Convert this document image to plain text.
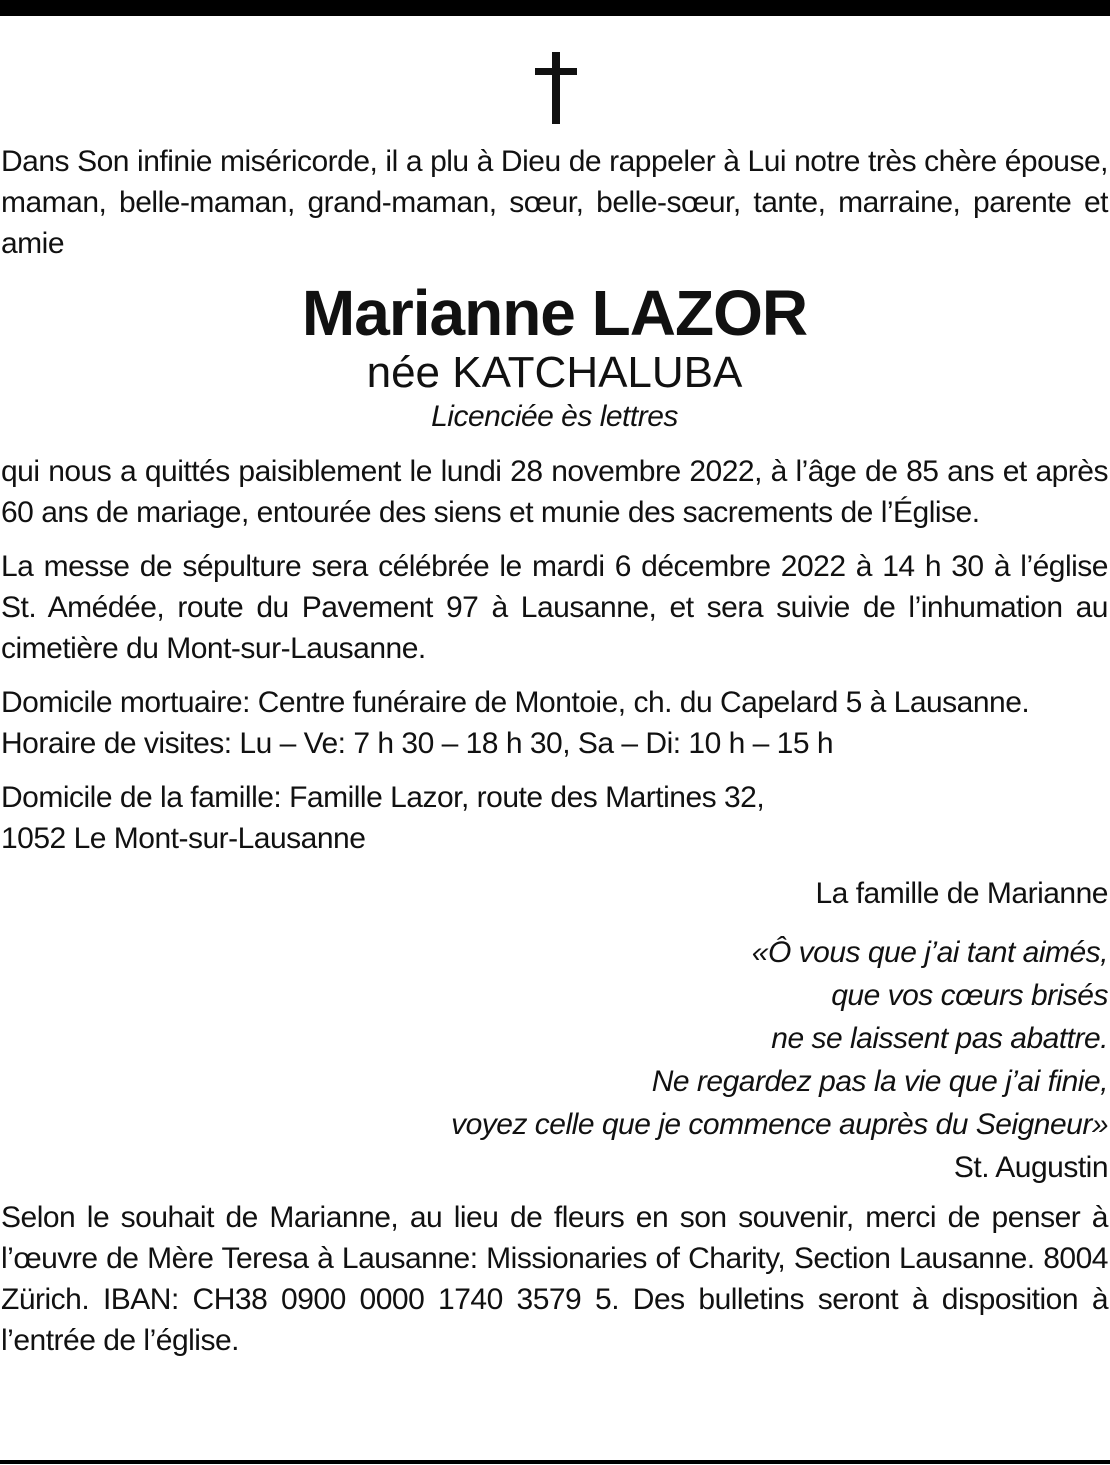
Dans Son infinie miséricorde, il a plu à Dieu de rappeler à Lui notre très chère épouse, maman, belle-maman, grand-maman, sœur, belle-sœur, tante, marraine, parente et amie

Marianne LAZOR
née KATCHALUBA
Licenciée ès lettres

qui nous a quittés paisiblement le lundi 28 novembre 2022, à l’âge de 85 ans et après 60 ans de mariage, entourée des siens et munie des sacrements de l’Église.

La messe de sépulture sera célébrée le mardi 6 décembre 2022 à 14 h 30 à l’église St. Amédée, route du Pavement 97 à Lausanne, et sera suivie de l’inhumation au cimetière du Mont-sur-Lausanne.

Domicile mortuaire: Centre funéraire de Montoie, ch. du Capelard 5 à Lausanne.
Horaire de visites: Lu – Ve: 7 h 30 – 18 h 30, Sa – Di: 10 h – 15 h
Domicile de la famille: Famille Lazor, route des Martines 32,
1052 Le Mont-sur-Lausanne
La famille de Marianne
«Ô vous que j’ai tant aimés,
que vos cœurs brisés
ne se laissent pas abattre.
Ne regardez pas la vie que j’ai finie,
voyez celle que je commence auprès du Seigneur»
St. Augustin

Selon le souhait de Marianne, au lieu de fleurs en son souvenir, merci de penser à l’œuvre de Mère Teresa à Lausanne: Missionaries of Charity, Section Lausanne. 8004 Zürich. IBAN: CH38 0900 0000 1740 3579 5. Des bulletins seront à disposition à l’entrée de l’église.
